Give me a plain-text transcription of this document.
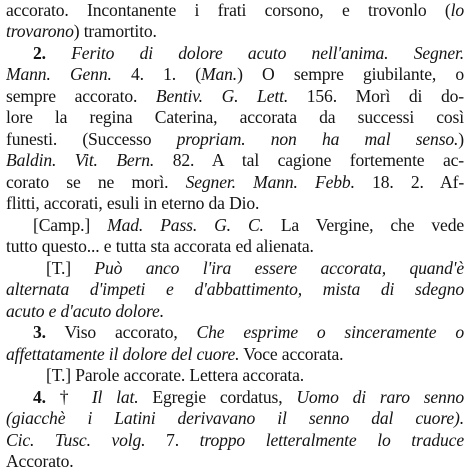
accorato. Incontanente i frati corsono, e trovonlo (lo
trovarono) tramortito.
2. Ferito di dolore acuto nell'anima. Segner.
Mann. Genn. 4. 1. (Man.) O sempre giubilante, o
sempre accorato. Bentiv. G. Lett. 156. Morì di do-
lore la regina Caterina, accorata da successi così
funesti. (Successo propriam. non ha mal senso.)
Baldin. Vit. Bern. 82. A tal cagione fortemente ac-
corato se ne morì. Segner. Mann. Febb. 18. 2. Af-
flitti, accorati, esuli in eterno da Dio.
[Camp.] Mad. Pass. G. C. La Vergine, che vede
tutto questo... e tutta sta accorata ed alienata.
[T.] Può anco l'ira essere accorata, quand'è
alternata d'impeti e d'abbattimento, mista di sdegno
acuto e d'acuto dolore.
3. Viso accorato, Che esprime o sinceramente o
affettatamente il dolore del cuore. Voce accorata.
[T.] Parole accorate. Lettera accorata.
4. † Il lat. Egregie cordatus, Uomo di raro senno
(giacchè i Latini derivavano il senno dal cuore).
Cic. Tusc. volg. 7. troppo letteralmente lo traduce
Accorato.
